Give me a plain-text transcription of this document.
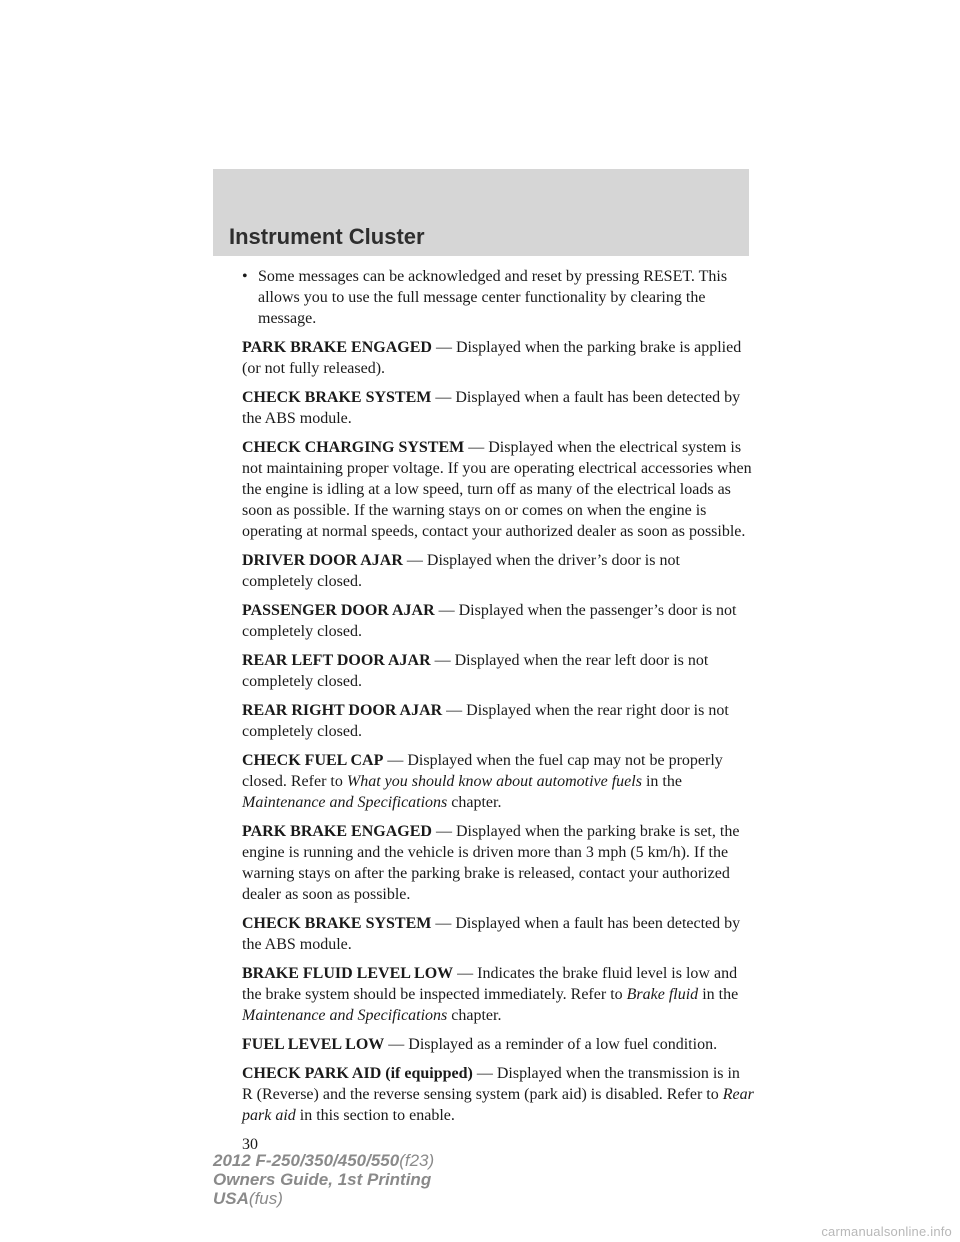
Instrument Cluster
• Some messages can be acknowledged and reset by pressing RESET. This allows you to use the full message center functionality by clearing the message.

PARK BRAKE ENGAGED — Displayed when the parking brake is applied (or not fully released).

CHECK BRAKE SYSTEM — Displayed when a fault has been detected by the ABS module.

CHECK CHARGING SYSTEM — Displayed when the electrical system is not maintaining proper voltage. If you are operating electrical accessories when the engine is idling at a low speed, turn off as many of the electrical loads as soon as possible. If the warning stays on or comes on when the engine is operating at normal speeds, contact your authorized dealer as soon as possible.

DRIVER DOOR AJAR — Displayed when the driver’s door is not completely closed.

PASSENGER DOOR AJAR — Displayed when the passenger’s door is not completely closed.

REAR LEFT DOOR AJAR — Displayed when the rear left door is not completely closed.

REAR RIGHT DOOR AJAR — Displayed when the rear right door is not completely closed.

CHECK FUEL CAP — Displayed when the fuel cap may not be properly closed. Refer to What you should know about automotive fuels in the Maintenance and Specifications chapter.

PARK BRAKE ENGAGED — Displayed when the parking brake is set, the engine is running and the vehicle is driven more than 3 mph (5 km/h). If the warning stays on after the parking brake is released, contact your authorized dealer as soon as possible.

CHECK BRAKE SYSTEM — Displayed when a fault has been detected by the ABS module.

BRAKE FLUID LEVEL LOW — Indicates the brake fluid level is low and the brake system should be inspected immediately. Refer to Brake fluid in the Maintenance and Specifications chapter.

FUEL LEVEL LOW — Displayed as a reminder of a low fuel condition.

CHECK PARK AID (if equipped) — Displayed when the transmission is in R (Reverse) and the reverse sensing system (park aid) is disabled. Refer to Rear park aid in this section to enable.

30
2012 F-250/350/450/550(f23)
Owners Guide, 1st Printing
USA(fus)
carmanualsonline.info
